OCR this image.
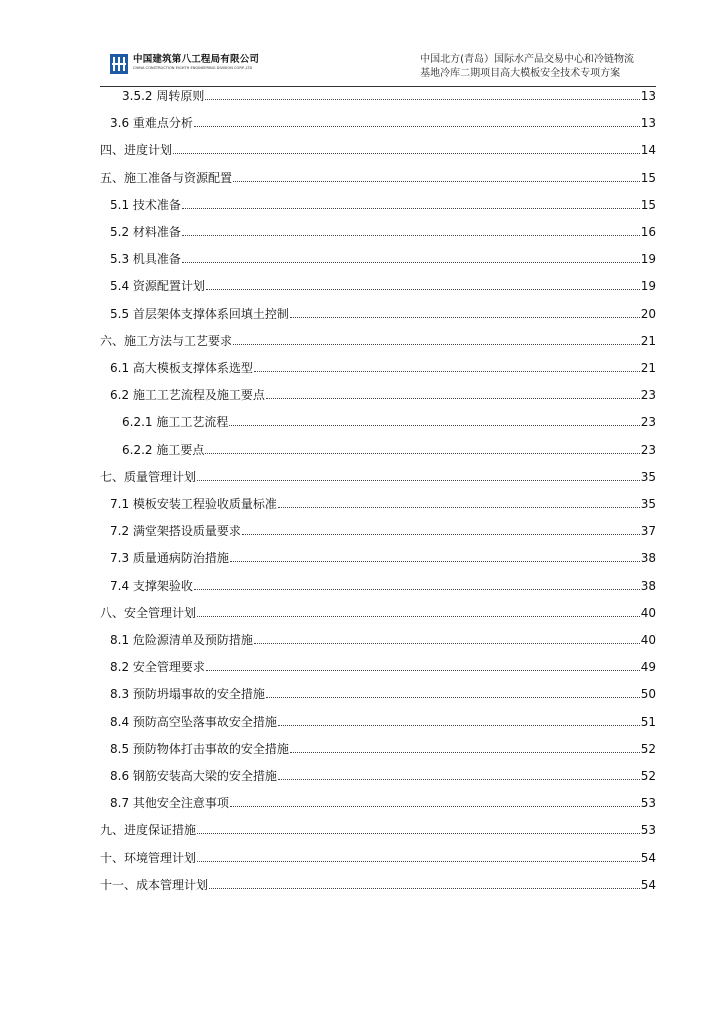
中国建筑第八工程局有限公司
CHINA CONSTRUCTION EIGHTH ENGINEERING DIVISION CORP.,LTD
中国北方(青岛）国际水产品交易中心和冷链物流
基地冷库二期项目高大模板安全技术专项方案
3.5.2 周转原则	13
3.6 重难点分析	13
四、进度计划	14
五、施工准备与资源配置	15
5.1 技术准备	15
5.2 材料准备	16
5.3 机具准备	19
5.4 资源配置计划	19
5.5 首层架体支撑体系回填土控制	20
六、施工方法与工艺要求	21
6.1 高大模板支撑体系选型	21
6.2 施工工艺流程及施工要点	23
6.2.1 施工工艺流程	23
6.2.2 施工要点	23
七、质量管理计划	35
7.1 模板安装工程验收质量标准	35
7.2 满堂架搭设质量要求	37
7.3 质量通病防治措施	38
7.4 支撑架验收	38
八、安全管理计划	40
8.1 危险源清单及预防措施	40
8.2 安全管理要求	49
8.3 预防坍塌事故的安全措施	50
8.4 预防高空坠落事故安全措施	51
8.5 预防物体打击事故的安全措施	52
8.6 钢筋安装高大梁的安全措施	52
8.7 其他安全注意事项	53
九、进度保证措施	53
十、环境管理计划	54
十一、成本管理计划	54
